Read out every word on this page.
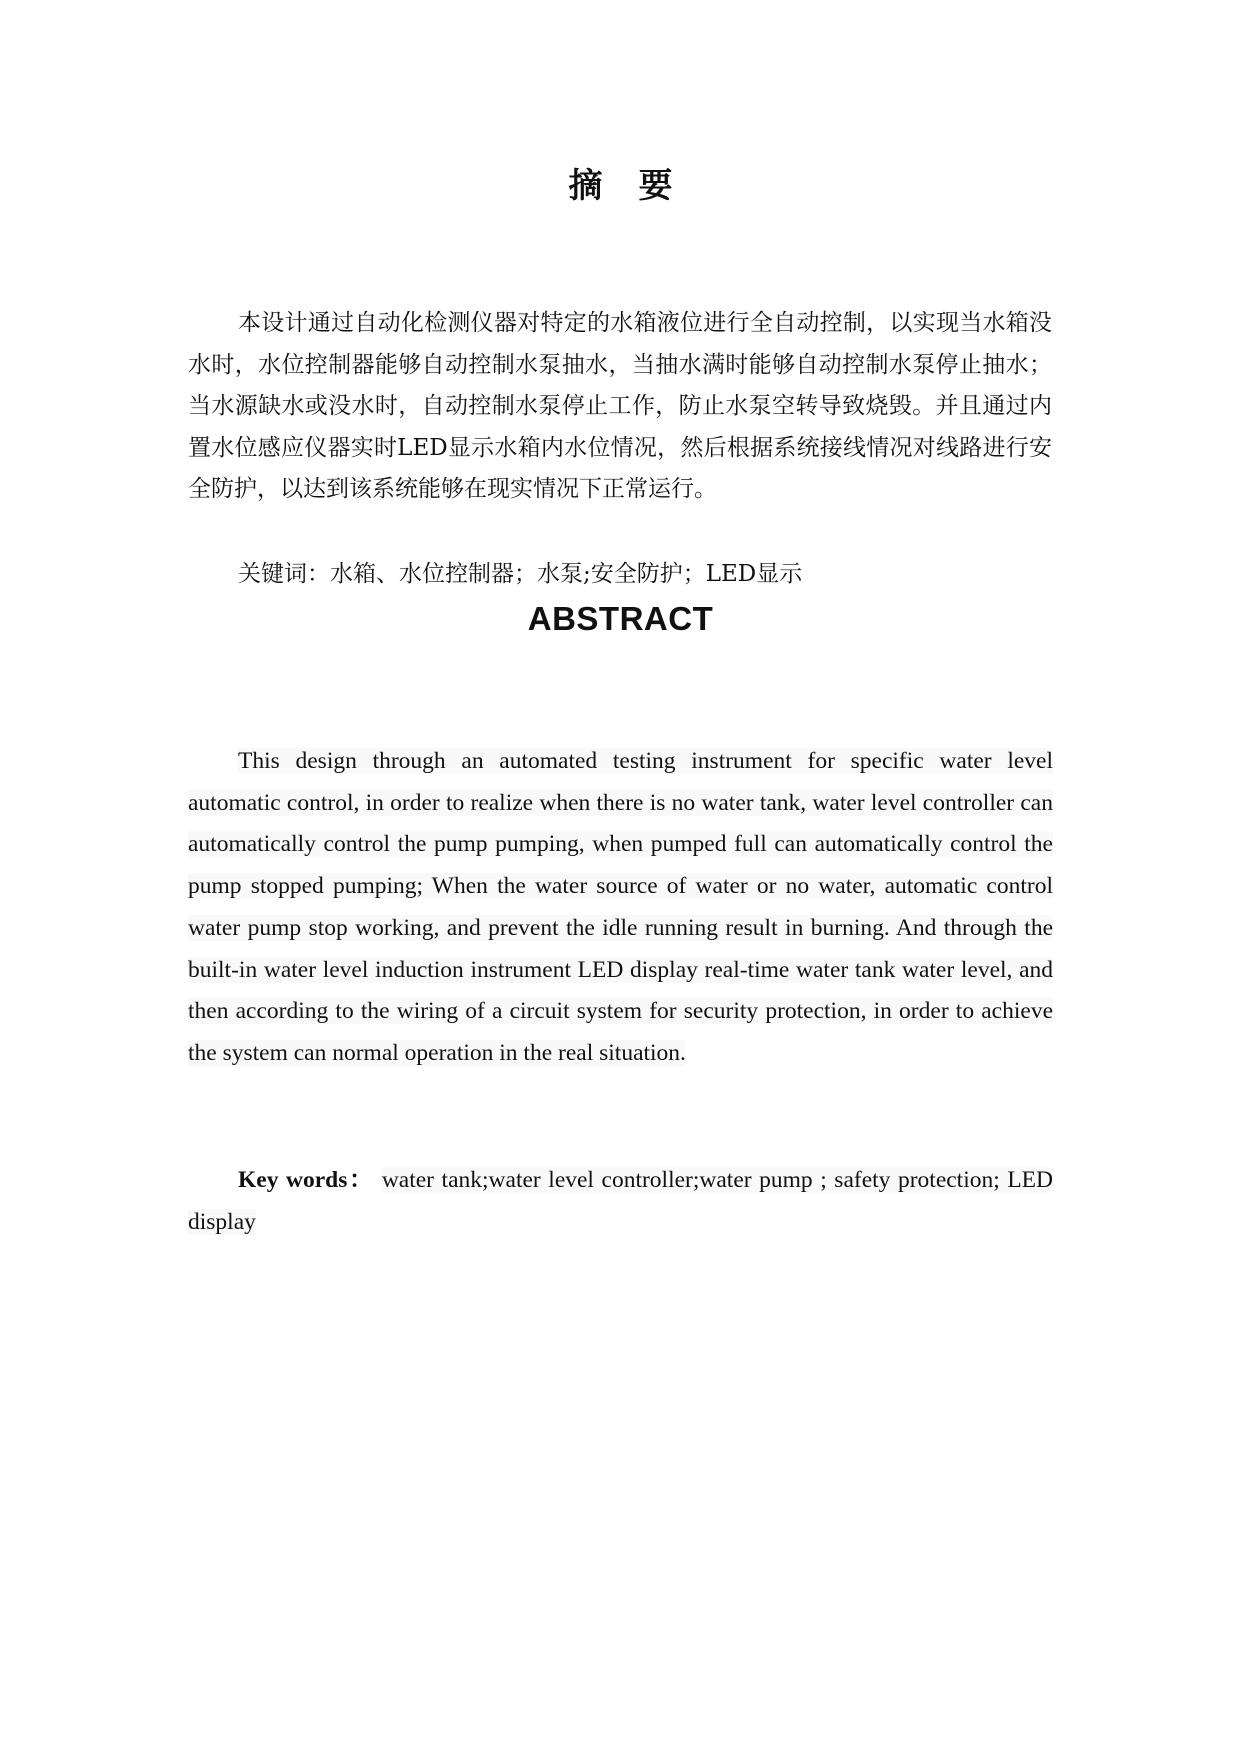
摘要

本设计通过自动化检测仪器对特定的水箱液位进行全自动控制，以实现当水箱没水时，水位控制器能够自动控制水泵抽水，当抽水满时能够自动控制水泵停止抽水；当水源缺水或没水时，自动控制水泵停止工作，防止水泵空转导致烧毁。并且通过内置水位感应仪器实时LED显示水箱内水位情况，然后根据系统接线情况对线路进行安全防护，以达到该系统能够在现实情况下正常运行。

关键词：水箱、水位控制器；水泵;安全防护；LED显示

ABSTRACT

This design through an automated testing instrument for specific water level automatic control, in order to realize when there is no water tank, water level controller can automatically control the pump pumping, when pumped full can automatically control the pump stopped pumping; When the water source of water or no water, automatic control water pump stop working, and prevent the idle running result in burning. And through the built-in water level induction instrument LED display real-time water tank water level, and then according to the wiring of a circuit system for security protection, in order to achieve the system can normal operation in the real situation.

Key words： water tank;water level controller;water pump ; safety protection; LED display
